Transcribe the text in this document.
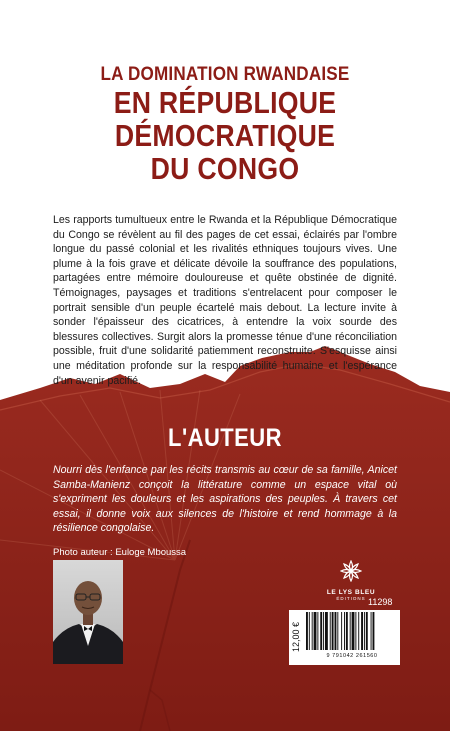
LA DOMINATION RWANDAISE
EN RÉPUBLIQUE
DÉMOCRATIQUE
DU CONGO

Les rapports tumultueux entre le Rwanda et la République Démocratique du Congo se révèlent au fil des pages de cet essai, éclairés par l'ombre longue du passé colonial et les rivalités ethniques toujours vives. Une plume à la fois grave et délicate dévoile la souffrance des populations, partagées entre mémoire douloureuse et quête obstinée de dignité. Témoignages, paysages et traditions s'entrelacent pour composer le portrait sensible d'un peuple écartelé mais debout. La lecture invite à sonder l'épaisseur des cicatrices, à entendre la voix sourde des blessures collectives. Surgit alors la promesse ténue d'une réconciliation possible, fruit d'une solidarité patiemment reconstruite. S'esquisse ainsi une méditation profonde sur la responsabilité humaine et l'espérance d'un avenir pacifié.

L'AUTEUR

Nourri dès l'enfance par les récits transmis au cœur de sa famille, Anicet Samba-Manienz conçoit la littérature comme un espace vital où s'expriment les douleurs et les aspirations des peuples. À travers cet essai, il donne voix aux silences de l'histoire et rend hommage à la résilience congolaise.

Photo auteur : Euloge Mboussa
LE LYS BLEU
ÉDITIONS 11298
12,00 €
9 791042 261560
